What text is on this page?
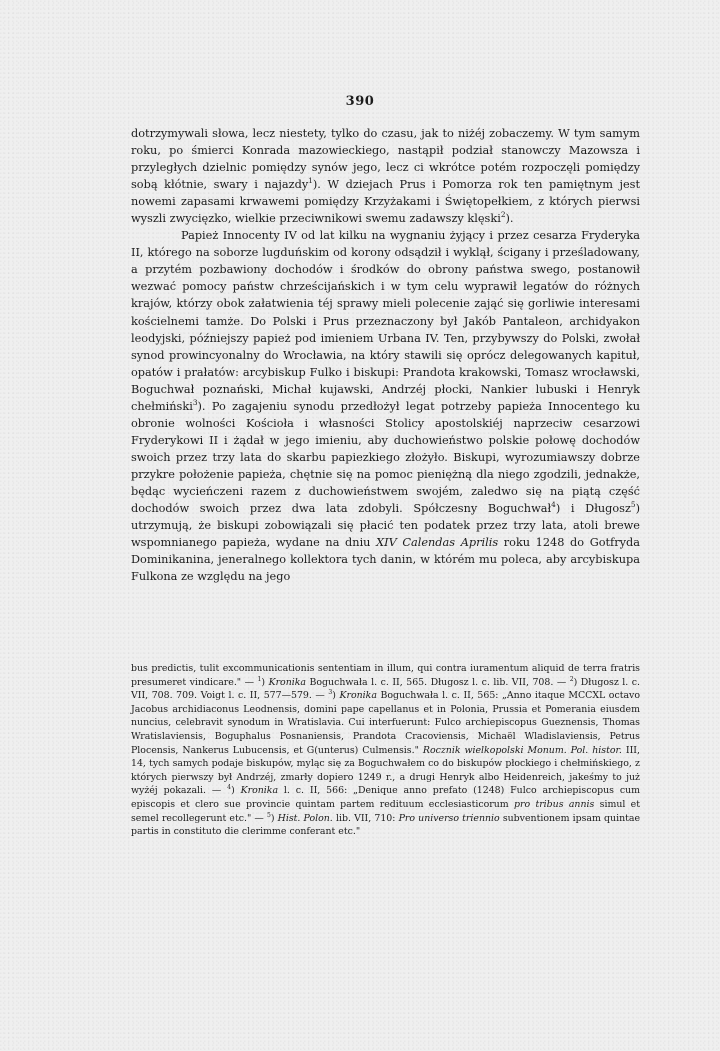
390

dotrzymywali słowa, lecz niestety, tylko do czasu, jak to niżéj zobaczemy. W tym samym roku, po śmierci Konrada mazowieckiego, nastąpił podział stanowczy Mazowsza i przyległych dzielnic pomiędzy synów jego, lecz ci wkrótce potém rozpoczęli pomiędzy sobą kłótnie, swary i najazdy$^1$). W dziejach Prus i Pomorza rok ten pamiętnym jest nowemi zapasami krwawemi pomiędzy Krzyżakami i Świętopełkiem, z których pierwsi wyszli zwycięzko, wielkie przeciwnikowi swemu zadawszy klęski$^2$).

Papież Innocenty IV od lat kilku na wygnaniu żyjący i przez cesarza Fryderyka II, którego na soborze lugduńskim od korony odsądził i wyklął, ścigany i prześladowany, a przytém pozbawiony dochodów i środków do obrony państwa swego, postanowił wezwać pomocy państw chrześcijańskich i w tym celu wyprawił legatów do różnych krajów, którzy obok załatwienia téj sprawy mieli polecenie zająć się gorliwie interesami kościelnemi tamże. Do Polski i Prus przeznaczony był Jakób Pantaleon, archidyakon leodyjski, późniejszy papież pod imieniem Urbana IV. Ten, przybywszy do Polski, zwołał synod prowincyonalny do Wrocławia, na który stawili się oprócz delegowanych kapituł, opatów i prałatów: arcybiskup Fulko i biskupi: Prandota krakowski, Tomasz wrocławski, Boguchwał poznański, Michał kujawski, Andrzéj płocki, Nankier lubuski i Henryk chełmiński$^3$). Po zagajeniu synodu przedłożył legat potrzeby papieża Innocentego ku obronie wolności Kościoła i własności Stolicy apostolskiéj naprzeciw cesarzowi Fryderykowi II i żądał w jego imieniu, aby duchowieństwo polskie połowę dochodów swoich przez trzy lata do skarbu papiezkiego złożyło. Biskupi, wyrozumiawszy dobrze przykre położenie papieża, chętnie się na pomoc pieniężną dla niego zgodzili, jednakże, będąc wycieńczeni razem z duchowieństwem swojém, zaledwo się na piątą część dochodów swoich przez dwa lata zdobyli. Spółczesny Boguchwał$^4$) i Długosz$^5$) utrzymują, że biskupi zobowiązali się płacić ten podatek przez trzy lata, atoli brewe wspomnianego papieża, wydane na dniu XIV Calendas Aprilis roku 1248 do Gotfryda Dominikanina, jeneralnego kollektora tych danin, w którém mu poleca, aby arcybiskupa Fulkona ze względu na jego

bus predictis, tulit excommunicationis sententiam in illum, qui contra iuramentum aliquid de terra fratris presumeret vindicare." — $^1$) Kronika Boguchwała l. c. II, 565. Długosz l. c. lib. VII, 708. — $^2$) Długosz l. c. VII, 708. 709. Voigt l. c. II, 577—579. — $^3$) Kronika Boguchwała l. c. II, 565: „Anno itaque MCCXL octavo Jacobus archidiaconus Leodnensis, domini pape capellanus et in Polonia, Prussia et Pomerania eiusdem nuncius, celebravit synodum in Wratislavia. Cui interfuerunt: Fulco archiepiscopus Gueznensis, Thomas Wratislaviensis, Boguphalus Posnaniensis, Prandota Cracoviensis, Michaël Wladislaviensis, Petrus Plocensis, Nankerus Lubucensis, et G(unterus) Culmensis." Rocznik wielkopolski Monum. Pol. histor. III, 14, tych samych podaje biskupów, myląc się za Boguchwałem co do biskupów płockiego i chełmińskiego, z których pierwszy był Andrzéj, zmarły dopiero 1249 r., a drugi Henryk albo Heidenreich, jakeśmy to już wyżéj pokazali. — $^4$) Kronika l. c. II, 566: „Denique anno prefato (1248) Fulco archiepiscopus cum episcopis et clero sue provincie quintam partem redituum ecclesiasticorum pro tribus annis simul et semel recollegerunt etc." — $^5$) Hist. Polon. lib. VII, 710: Pro universo triennio subventionem ipsam quintae partis in constituto die clerimme conferant etc."
